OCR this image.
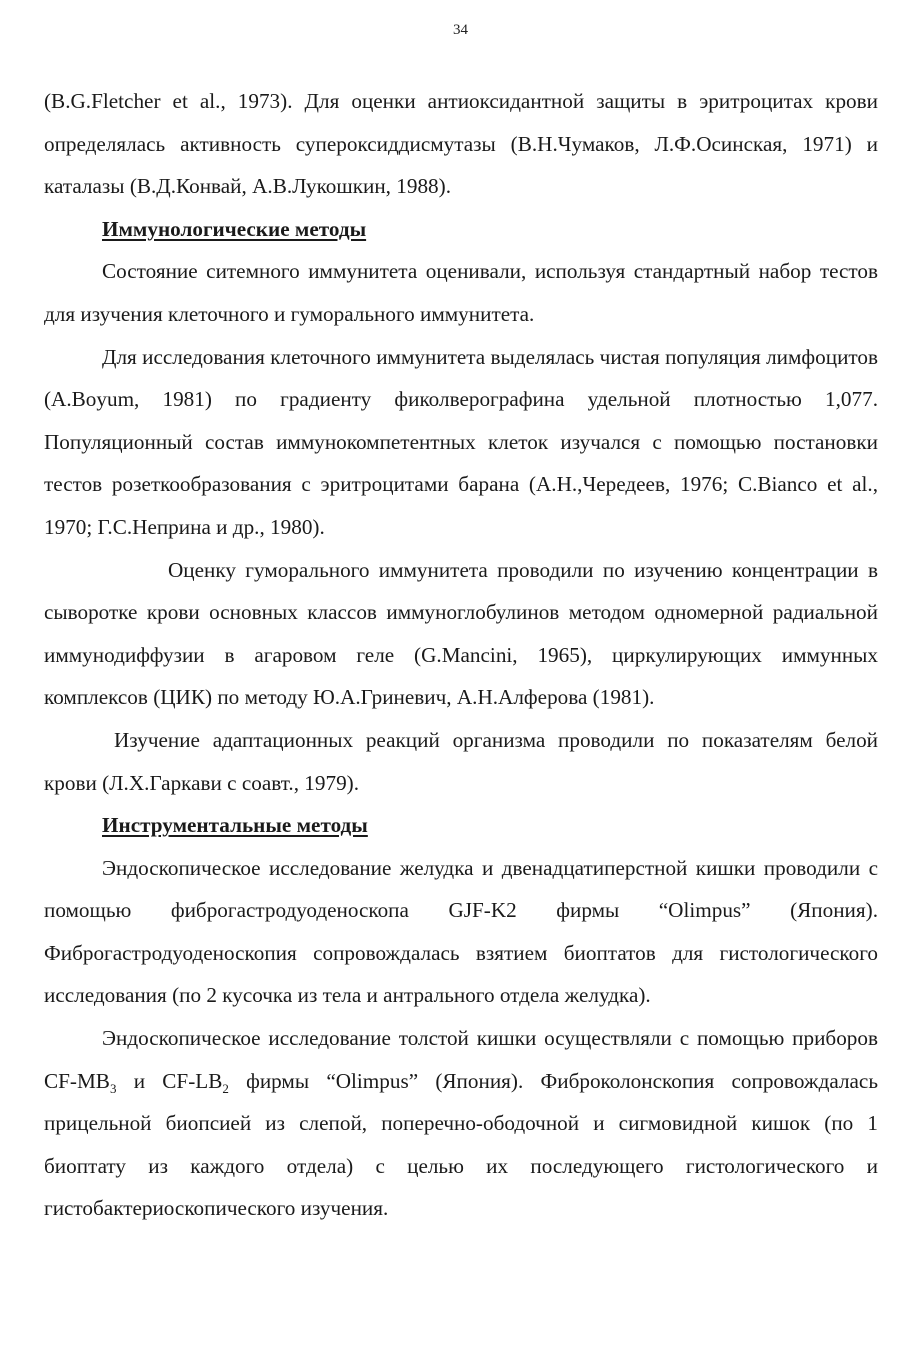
34

(B.G.Fletcher et al., 1973). Для оценки антиоксидантной защиты в эритроцитах крови определялась активность супероксиддисмутазы (В.Н.Чумаков, Л.Ф.Осинская, 1971) и каталазы (В.Д.Конвай, А.В.Лукошкин, 1988).

Иммунологические методы

Состояние ситемного иммунитета оценивали, используя стандартный набор тестов для изучения клеточного и гуморального иммунитета.

Для исследования клеточного иммунитета выделялась чистая популяция лимфоцитов (A.Boyum, 1981) по градиенту фиколверографина удельной плотностью 1,077. Популяционный состав иммунокомпетентных клеток изучался с помощью постановки тестов розеткообразования с эритроцитами барана (А.Н.,Чередеев, 1976; C.Bianco et al., 1970; Г.С.Неприна и др., 1980).

Оценку гуморального иммунитета проводили по изучению концентрации в сыворотке крови основных классов иммуноглобулинов методом одномерной радиальной иммунодиффузии в агаровом геле (G.Mancini, 1965), циркулирующих иммунных комплексов (ЦИК) по методу Ю.А.Гриневич, А.Н.Алферова (1981).

Изучение адаптационных реакций организма проводили по показателям белой крови (Л.Х.Гаркави с соавт., 1979).

Инструментальные методы

Эндоскопическое исследование желудка и двенадцатиперстной кишки проводили с помощью фиброгастродуоденоскопа GJF-K2 фирмы “Olimpus” (Япония). Фиброгастродуоденоскопия сопровождалась взятием биоптатов для гистологического исследования (по 2 кусочка из тела и антрального отдела желудка).

Эндоскопическое исследование толстой кишки осуществляли с помощью приборов $CF-MB_3$ и $CF-LB_2$ фирмы “Olimpus” (Япония). Фиброколонскопия сопровождалась прицельной биопсией из слепой, поперечно-ободочной и сигмовидной кишок (по 1 биоптату из каждого отдела) с целью их последующего гистологического и гистобактериоскопического изучения.
